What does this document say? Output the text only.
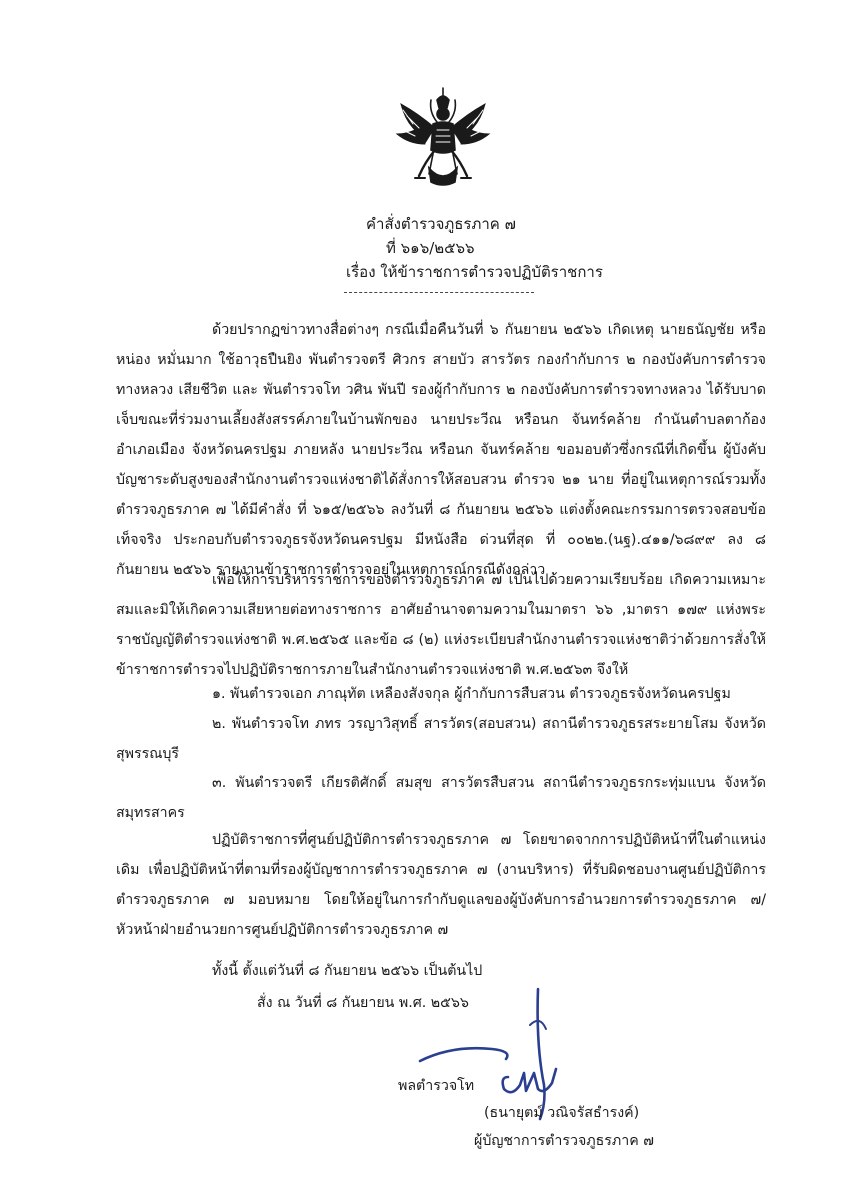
คำสั่งตำรวจภูธรภาค ๗
ที่ ๖๑๖/๒๕๖๖
เรื่อง ให้ข้าราชการตำรวจปฏิบัติราชการ
ด้วยปรากฏข่าวทางสื่อต่างๆ กรณีเมื่อคืนวันที่ ๖ กันยายน ๒๕๖๖ เกิดเหตุ นายธนัญชัย หรือ หน่อง หมั่นมาก ใช้อาวุธปืนยิง พันตำรวจตรี ศิวกร สายบัว สารวัตร กองกำกับการ ๒ กองบังคับการตำรวจทางหลวง เสียชีวิต และ พันตำรวจโท วศิน พันปี รองผู้กำกับการ ๒ กองบังคับการตำรวจทางหลวง ได้รับบาดเจ็บขณะที่ร่วมงานเลี้ยงสังสรรค์ภายในบ้านพักของ นายประวีณ หรือนก จันทร์คล้าย กำนันตำบลตาก้อง อำเภอเมือง จังหวัดนครปฐม ภายหลัง นายประวีณ หรือนก จันทร์คล้าย ขอมอบตัวซึ่งกรณีที่เกิดขึ้น ผู้บังคับบัญชาระดับสูงของสำนักงานตำรวจแห่งชาติได้สั่งการให้สอบสวน ตำรวจ ๒๑ นาย ที่อยู่ในเหตุการณ์รวมทั้ง ตำรวจภูธรภาค ๗ ได้มีคำสั่ง ที่ ๖๑๕/๒๕๖๖ ลงวันที่ ๘ กันยายน ๒๕๖๖ แต่งตั้งคณะกรรมการตรวจสอบข้อเท็จจริง ประกอบกับตำรวจภูธรจังหวัดนครปฐม มีหนังสือ ด่วนที่สุด ที่ ๐๐๒๒.(นฐ).๔๑๑/๖๘๙๙ ลง ๘ กันยายน ๒๕๖๖ รายงานข้าราชการตำรวจอยู่ในเหตุการณ์กรณีดังกล่าว
เพื่อให้การบริหารราชการของตำรวจภูธรภาค ๗ เป็นไปด้วยความเรียบร้อย เกิดความเหมาะสมและมิให้เกิดความเสียหายต่อทางราชการ อาศัยอำนาจตามความในมาตรา ๖๖ ,มาตรา ๑๗๙ แห่งพระราชบัญญัติตำรวจแห่งชาติ พ.ศ.๒๕๖๕ และข้อ ๘ (๒) แห่งระเบียบสำนักงานตำรวจแห่งชาติว่าด้วยการสั่งให้ข้าราชการตำรวจไปปฏิบัติราชการภายในสำนักงานตำรวจแห่งชาติ พ.ศ.๒๕๖๓ จึงให้
๑. พันตำรวจเอก ภาณุทัต เหลืองสังจกุล ผู้กำกับการสืบสวน ตำรวจภูธรจังหวัดนครปฐม
๒. พันตำรวจโท ภทร วรญาวิสุทธิ์ สารวัตร(สอบสวน) สถานีตำรวจภูธรสระยายโสม จังหวัดสุพรรณบุรี
๓. พันตำรวจตรี เกียรติศักดิ์ สมสุข สารวัตรสืบสวน สถานีตำรวจภูธรกระทุ่มแบน จังหวัดสมุทรสาคร
ปฏิบัติราชการที่ศูนย์ปฏิบัติการตำรวจภูธรภาค ๗ โดยขาดจากการปฏิบัติหน้าที่ในตำแหน่งเดิม เพื่อปฏิบัติหน้าที่ตามที่รองผู้บัญชาการตำรวจภูธรภาค ๗ (งานบริหาร) ที่รับผิดชอบงานศูนย์ปฏิบัติการตำรวจภูธรภาค ๗ มอบหมาย โดยให้อยู่ในการกำกับดูแลของผู้บังคับการอำนวยการตำรวจภูธรภาค ๗/หัวหน้าฝ่ายอำนวยการศูนย์ปฏิบัติการตำรวจภูธรภาค ๗
ทั้งนี้ ตั้งแต่วันที่ ๘ กันยายน ๒๕๖๖ เป็นต้นไป
สั่ง ณ วันที่ ๘ กันยายน พ.ศ. ๒๕๖๖
พลตำรวจโท
(ธนายุตม์ วณิจรัสธำรงค์)
ผู้บัญชาการตำรวจภูธรภาค ๗
